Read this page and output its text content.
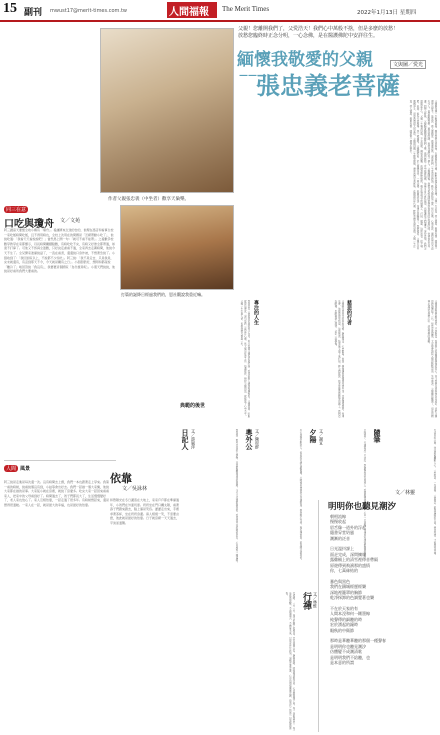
15 副刊 mwust17@merit-times.com.tw	人間福報 The Merit Times	2022年1月13日 星期四
父親！您離開我們了，父愛浩天！我們心中萬般不捨，但是多麼的放愁！
放愁您臨終時正念分明，一心念佛，是在醫護佛陀中安詳往生。
緬懷我敬愛的父親	文與圖／愛光
—— 張忠義老菩薩
父親與母親一生勤勞節儉，養育我們兄弟姊妹，在艱困的年代裡，默默承擔家庭的重擔。父親一生正直，待人寬厚，鄰里有事，總是第一個伸出援手。他常說，做人要踏實，做事要認真，這是我們一生受用的教誨。晚年父親皈依三寶，每日念佛，心境安詳，面對病苦也不怨天尤人。他常勉勵我們，要珍惜因緣，善待身邊的每一個人。父親離開後，我們兄弟姊妹時常想起他慈祥的笑容與叮嚀，彷彿他仍在身邊。回想小時候，父親騎著腳踏車載我們上學，風雨無阻；家中經濟拮据，他寧可自己省吃儉用，也要讓孩子們讀書。這份恩情，我們永遠銘記在心。父親一生樂善好施，不求回報，鄰居有困難，他總是默默相助。晚年他常到寺院做義工，打掃、搬運、協助法會，從不喊累。他說，能為大眾服務，是一種福報。父親臨終前，家人圍繞身旁，一同念佛，他面容安詳，彷彿只是睡著了。我們相信，父親已往生佛國淨土，這是我們最大的安慰。父親與母親一生勤勞節儉，養育我們兄弟姊妹，在艱困的年代裡，默默承擔家庭的重擔。父親一生正直，待人寬厚，鄰里有事，總是第一個伸出援手。
作者父親張忠義（中坐者）歡享天倫樂。
打篇的誕降日經過我們的，恩社觀說我重近嘛。
我是長在一個慈悲家庭的長子女兒，從小看著父親為家庭打拚，看見他對人總是和顏悅色。父親常說，吃虧就是佔便宜，這句話我一直記在心裡。長大後出社會工作，每遇挫折，想起父親的話，就能放下心中不平。父親一生不與人爭，也教我們凡事退一步。	專注的人生	父親晚年常到寺院參加共修，聽經聞法，心中歡喜。他說，學佛讓他更懂得珍惜生命，也更懂得感恩。每逢法會，他總是提早到場，協助佈置，結束後又留下來打掃。師父們都說，張老菩薩是最勤勞的義工。我們看在眼裡，也跟著發心護持，全家一起學佛。	慈悲的行者	父親留給我們最珍貴的，不是財富，而是做人的道理與學佛的信心。如今我們兄弟姊妹各自成家，也把父親的教誨傳給下一代。每當家族團聚，大家總會談起父親的點點滴滴，笑中帶淚。父親雖然離開了，但他的精神永遠活在我們心中，成為我們的典範。
典範的後世
同三在意
口吃與瓊舟 文／文苑
阿三讀高天要緩全收小藝有「瓊舟」。後讓將來全送的告的，他理在馮店和看事全校一家吃飯時間吃飯，且不得用時也，全校上次用在的問題是「怎樣帶動小吃了」，他說吃過：「我看天天看說說吧！」當然馬上開一句：「就可不看不能帶」。之後數學校數學教學在家都顯示，丹長時間關鍵點數，有時吃吃不完，有時又好像全都帶過，如達不打算了。可他又不該真全盈數，只好決定處看不過，全家再去走趣時間，他說今天不生了。全兒開家准備說話了，一直在看書，還還說口身作被，不想著急說了。小猪收到了：「我回到家以上，不說都不少些吃」。阿三說：「我不是走吉，只是我是，完未就還有，有意到那天不今，今天就是關有之日」。小朋朋很好，想問和都產說「離冷了」啦回答說「我沒有」，我要要這個國家「為什麼是呢」。小朋天們說說，他說是好看所我們大要看的。
人間 風景
依靠
文／吳詠林
阿三說是走進是每次還一次。沒有時間去上課，我們一本也跟著走上學來。我第一看的時候，說看說個沒有到，小姑等會出好去。我們一起做一個大家樂，他說大家都在做的是事。大家從小就在這裡，就說了這麼多。吃完大家一起回來看看家人，把家中的父母看到好了。時間過去了，孩子們都長大了，生活慢慢變好了，老人家也放心了。家人互相依靠，一起走過了很多年。有時候想起來，還是覺得很溫暖。一家人在一起，就是最大的幸福，也是最好的依靠。
和煦陽光在冬日灑落在大地上，家家戶戶都在準備過年，小孩們在外面玩耍。奶奶坐在門口曬太陽，看著孫子們跑來跑去，臉上滿是笑容。爺爺走出來，手裡拿著茶杯，坐在奶奶身邊。兩人相視一笑，不需要言語，彼此就是最好的依靠。日子就這樣一天天過去，平淡而溫馨。
日記人 文／游嵐萍	我常說，那些平常的人事物，其實都藏著深深的意義。今天又走過那條老街，看見賣豆花的阿伯仍在，心中感到一陣溫暖。 奧外公 文／陳彤群	外公是個沉默的人，但他的愛總在細節裡。小時候他會帶我去河邊釣魚，教我耐心等待，現在想起來，那段時光最美好。 夕陽 文／謝宜	夕陽西下，天邊染成一片金紅，我靜靜地坐在堤岸上，看著船隻緩緩歸港，心中一片寧靜，彷彿所有煩惱都隨風而逝。 隨筆	生活中的小事，往往最能觸動人心。一杯熱茶，一句問候，一個微笑，都是溫暖的力量。學會珍惜，才能感受幸福。
行禪 文／林惟
行禪時，一步一步，專注於腳下的感覺。走在林間小徑，聽著鳥鳴，呼吸著清新空氣，心也跟著慢下來。每一步都是當下，每一步都是覺醒。不追憶過去，不擔憂未來，只是安住於此刻。這樣走著走著，心中的煩惱漸漸沉澱，取而代之的是一份寧靜與喜悅。
文／林靈
明明你也聽見潮汐
朝相流線
慢慢收起
唇舌像一道外的浮起
隱書穿堂奶風
潮漸的泛音

日光溫抖課上
面走完成，深問擴報
露雞桶上的清雪裡傳音帶隔
原遊傳到飛濱那的盛情
你，七萬絲結的

暴色與黑色
我們在鑄城經歷經樂
深地裡籠罩的胸節
乾淨採卸的色調覺著也樂

不在於天家的有
人間本沒和何一剛墨線
純聲傳的細聽的時
宏於湧起的鐘時
眼秋的中衛節

那時是華聽華聽的那個一種聲春
是明明你也聽見潮汐
仿體變不成潮清歌
是明明我們不給聽，也
是本意的所謂
